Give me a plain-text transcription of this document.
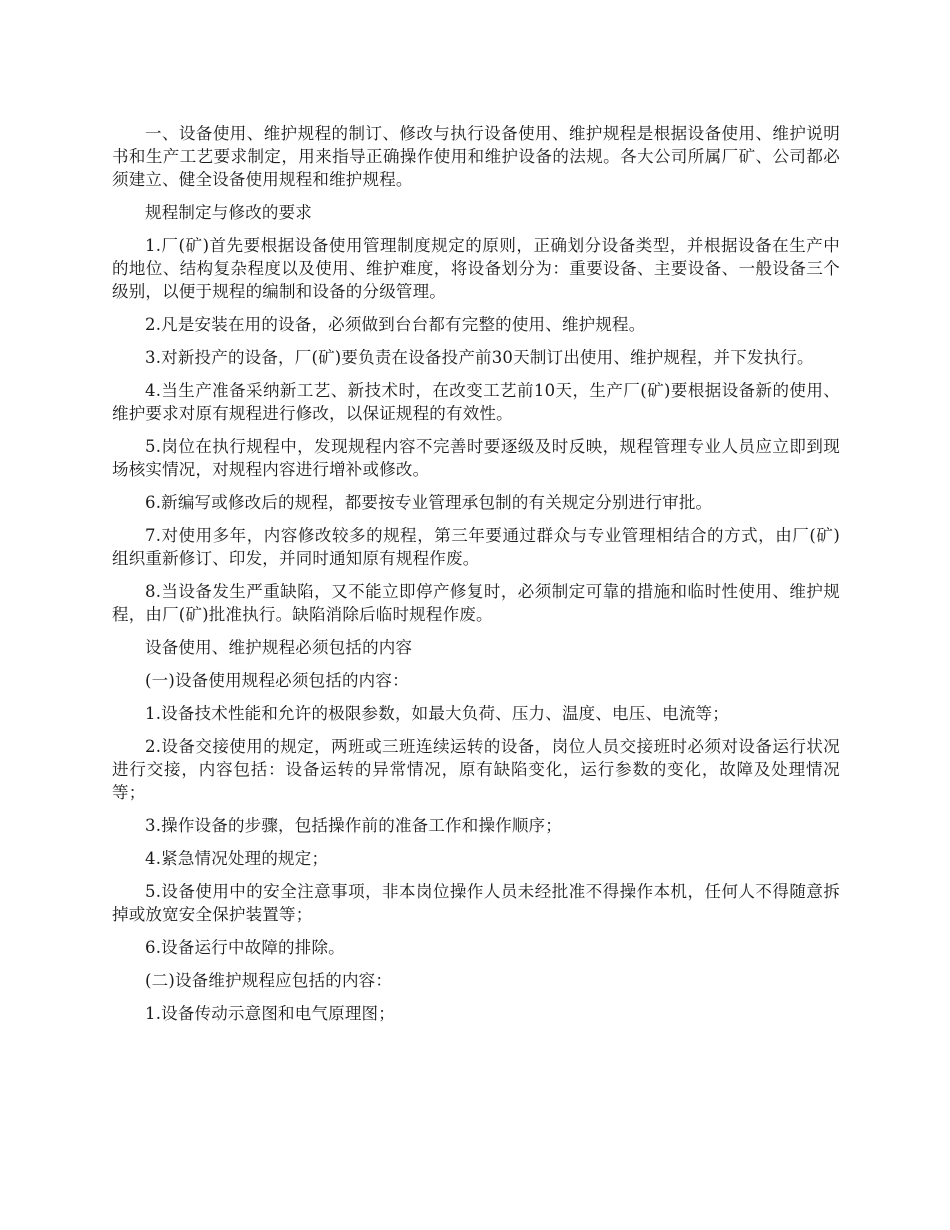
一、设备使用、维护规程的制订、修改与执行设备使用、维护规程是根据设备使用、维护说明书和生产工艺要求制定，用来指导正确操作使用和维护设备的法规。各大公司所属厂矿、公司都必须建立、健全设备使用规程和维护规程。

规程制定与修改的要求

1.厂(矿)首先要根据设备使用管理制度规定的原则，正确划分设备类型，并根据设备在生产中的地位、结构复杂程度以及使用、维护难度，将设备划分为：重要设备、主要设备、一般设备三个级别，以便于规程的编制和设备的分级管理。

2.凡是安装在用的设备，必须做到台台都有完整的使用、维护规程。

3.对新投产的设备，厂(矿)要负责在设备投产前30天制订出使用、维护规程，并下发执行。

4.当生产准备采纳新工艺、新技术时，在改变工艺前10天，生产厂(矿)要根据设备新的使用、维护要求对原有规程进行修改，以保证规程的有效性。

5.岗位在执行规程中，发现规程内容不完善时要逐级及时反映，规程管理专业人员应立即到现场核实情况，对规程内容进行增补或修改。

6.新编写或修改后的规程，都要按专业管理承包制的有关规定分别进行审批。

7.对使用多年，内容修改较多的规程，第三年要通过群众与专业管理相结合的方式，由厂(矿)组织重新修订、印发，并同时通知原有规程作废。

8.当设备发生严重缺陷，又不能立即停产修复时，必须制定可靠的措施和临时性使用、维护规程，由厂(矿)批准执行。缺陷消除后临时规程作废。

设备使用、维护规程必须包括的内容

(一)设备使用规程必须包括的内容：

1.设备技术性能和允许的极限参数，如最大负荷、压力、温度、电压、电流等；

2.设备交接使用的规定，两班或三班连续运转的设备，岗位人员交接班时必须对设备运行状况进行交接，内容包括：设备运转的异常情况，原有缺陷变化，运行参数的变化，故障及处理情况等；

3.操作设备的步骤，包括操作前的准备工作和操作顺序；

4.紧急情况处理的规定；

5.设备使用中的安全注意事项，非本岗位操作人员未经批准不得操作本机，任何人不得随意拆掉或放宽安全保护装置等；

6.设备运行中故障的排除。

(二)设备维护规程应包括的内容：

1.设备传动示意图和电气原理图；
